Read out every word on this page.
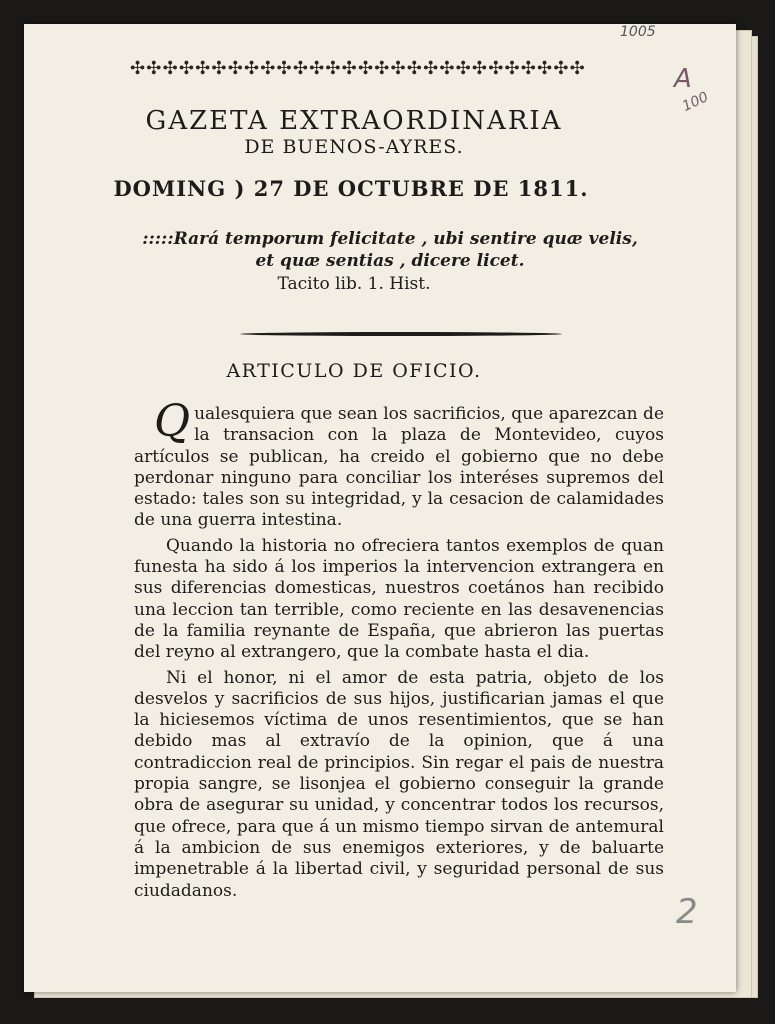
1005
✣✣✣✣✣✣✣✣✣✣✣✣✣✣✣✣✣✣✣✣✣✣✣✣✣✣✣✣	A
100
GAZETA EXTRAORDINARIA
DE BUENOS-AYRES.
DOMING ) 27 DE OCTUBRE DE 1811.
:::::Rará temporum felicitate , ubi sentire quæ velis,
et quæ sentias , dicere licet.
Tacito lib. 1. Hist.
ARTICULO DE OFICIO.

Qualesquiera que sean los sacrificios, que aparezcan de la transacion con la plaza de Montevideo, cuyos artículos se publican, ha creido el gobierno que no debe perdonar ninguno para conciliar los interéses supremos del estado: tales son su integridad, y la cesacion de calamidades de una guerra intestina.

Quando la historia no ofreciera tantos exemplos de quan funesta ha sido á los imperios la intervencion extrangera en sus diferencias domesticas, nuestros coetános han recibido una leccion tan terrible, como reciente en las desavenencias de la familia reynante de España, que abrieron las puertas del reyno al extrangero, que la combate hasta el dia.

Ni el honor, ni el amor de esta patria, objeto de los desvelos y sacrificios de sus hijos, justificarian jamas el que la hiciesemos víctima de unos resentimientos, que se han debido mas al extravío de la opinion, que á una contradiccion real de principios. Sin regar el pais de nuestra propia sangre, se lisonjea el gobierno conseguir la grande obra de asegurar su unidad, y concentrar todos los recursos, que ofrece, para que á un mismo tiempo sirvan de antemural á la ambicion de sus enemigos exteriores, y de baluarte impenetrable á la libertad civil, y seguridad personal de sus ciudadanos.

2
